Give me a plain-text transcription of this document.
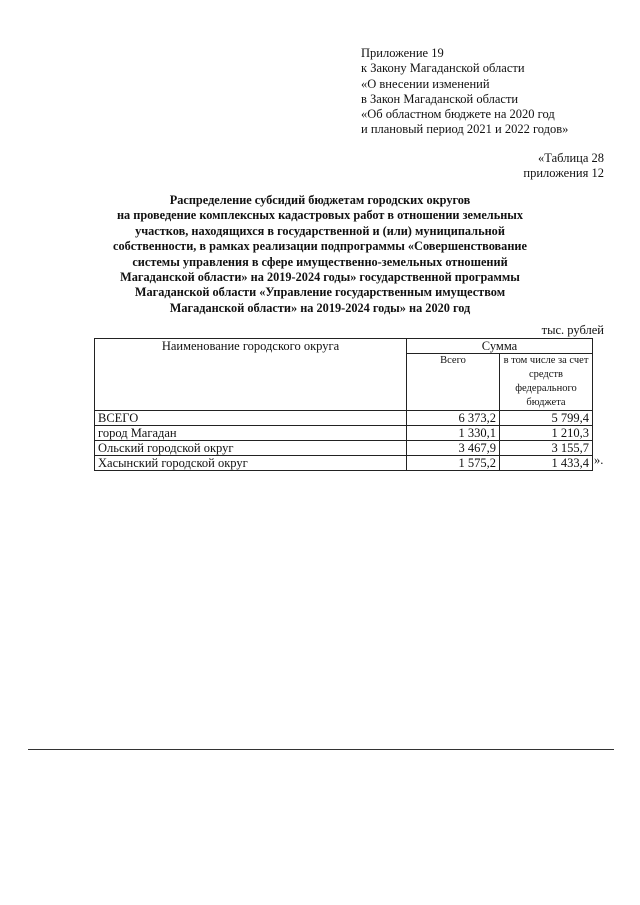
Приложение 19
к Закону Магаданской области
«О внесении изменений
в Закон Магаданской области
«Об областном бюджете на 2020 год
и плановый период 2021 и 2022 годов»
«Таблица 28
приложения 12
Распределение субсидий бюджетам городских округов
на проведение комплексных кадастровых работ в отношении земельных
участков, находящихся в государственной и (или) муниципальной
собственности, в рамках реализации подпрограммы «Совершенствование
системы управления в сфере имущественно-земельных отношений
Магаданской области» на 2019-2024 годы» государственной программы
Магаданской области «Управление государственным имуществом
Магаданской области» на 2019-2024 годы» на 2020 год
тыс. рублей
Наименование городского округа	Сумма	
	Всего	в том числе за счет средств федерального бюджета
ВСЕГО	6 373,2	5 799,4
город Магадан	1 330,1	1 210,3
Ольский городской округ	3 467,9	3 155,7
Хасынский городской округ	1 575,2	1 433,4 ».
